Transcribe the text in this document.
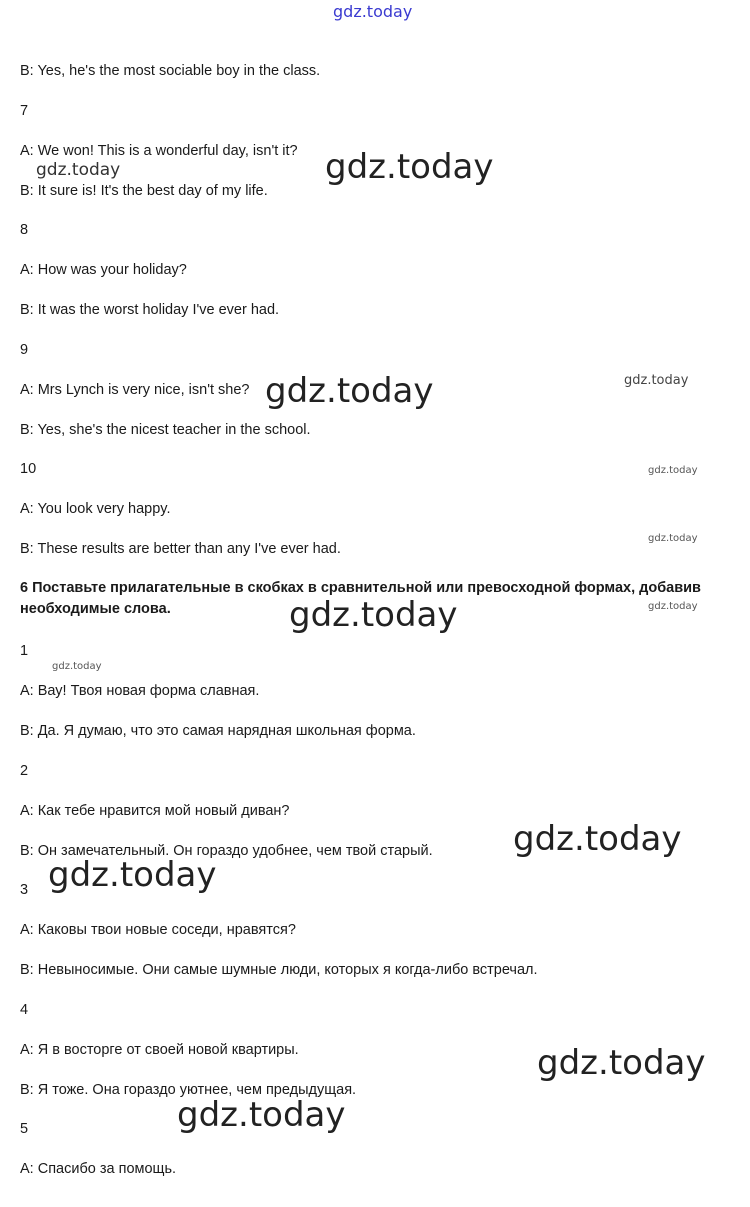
gdz.today
B: Yes, he's the most sociable boy in the class.
7
A: We won! This is a wonderful day, isn't it?
B: It sure is! It's the best day of my life.
8
A: How was your holiday?
B: It was the worst holiday I've ever had.
9
A: Mrs Lynch is very nice, isn't she?
B: Yes, she's the nicest teacher in the school.
10
A: You look very happy.
B: These results are better than any I've ever had.
6 Поставьте прилагательные в скобках в сравнительной или превосходной формах, добавив необходимые слова.
1
A: Вау! Твоя новая форма славная.
B: Да. Я думаю, что это самая нарядная школьная форма.
2
A: Как тебе нравится мой новый диван?
B: Он замечательный. Он гораздо удобнее, чем твой старый.
3
A: Каковы твои новые соседи, нравятся?
B: Невыносимые. Они самые шумные люди, которых я когда-либо встречал.
4
A: Я в восторге от своей новой квартиры.
B: Я тоже. Она гораздо уютнее, чем предыдущая.
5
A: Спасибо за помощь.
gdz.today
gdz.today
gdz.today	gdz.today
gdz.today
gdz.today
gdz.today
gdz.today
gdz.today
gdz.today
gdz.today
gdz.today
gdz.today
